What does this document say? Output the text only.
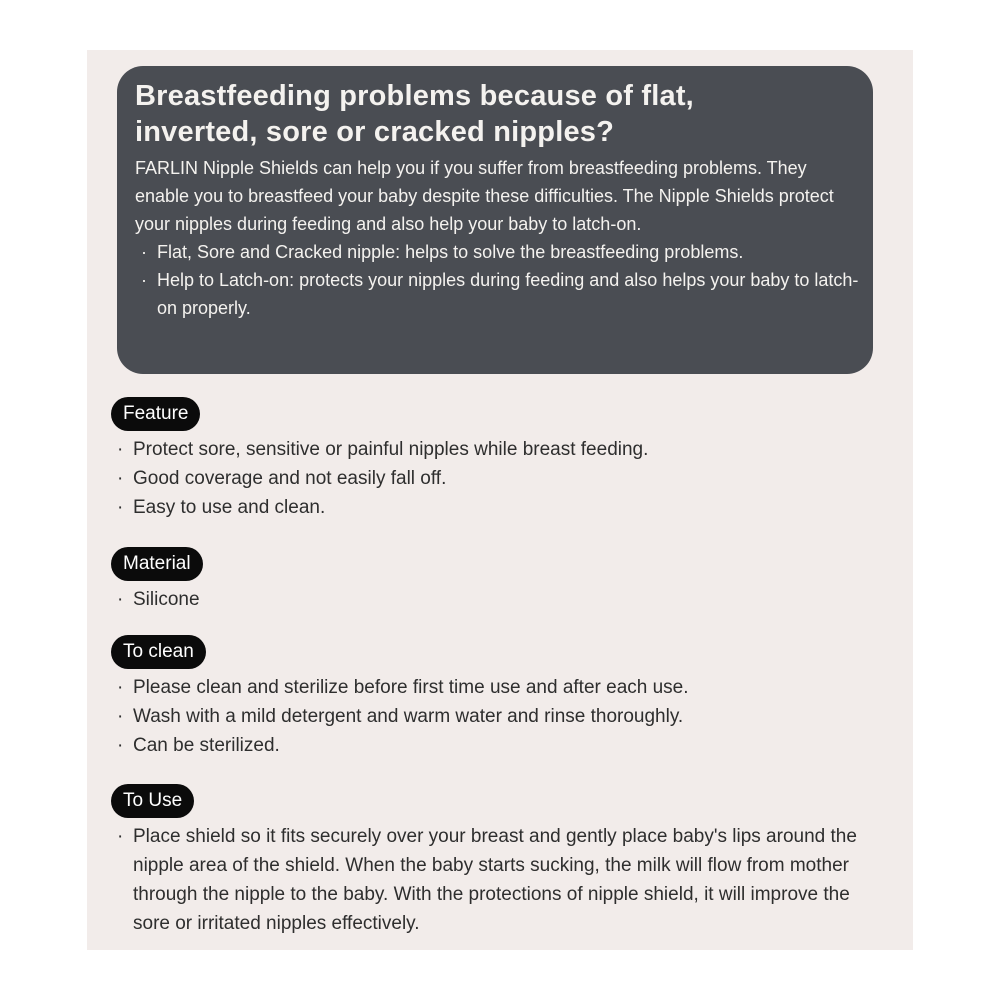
Breastfeeding problems because of flat,
inverted, sore or cracked nipples?

FARLIN Nipple Shields can help you if you suffer from breastfeeding problems. They enable you to breastfeed your baby despite these difficulties. The Nipple Shields protect your nipples during feeding and also help your baby to latch-on.

· Flat, Sore and Cracked nipple: helps to solve the breastfeeding problems.
· Help to Latch-on: protects your nipples during feeding and also helps your baby to latch-on properly.
Feature
· Protect sore, sensitive or painful nipples while breast feeding.
· Good coverage and not easily fall off.
· Easy to use and clean.
Material
· Silicone
To clean
· Please clean and sterilize before first time use and after each use.
· Wash with a mild detergent and warm water and rinse thoroughly.
· Can be sterilized.
To Use
· Place shield so it fits securely over your breast and gently place baby's lips around the nipple area of the shield. When the baby starts sucking, the milk will flow from mother through the nipple to the baby. With the protections of nipple shield, it will improve the sore or irritated nipples effectively.
